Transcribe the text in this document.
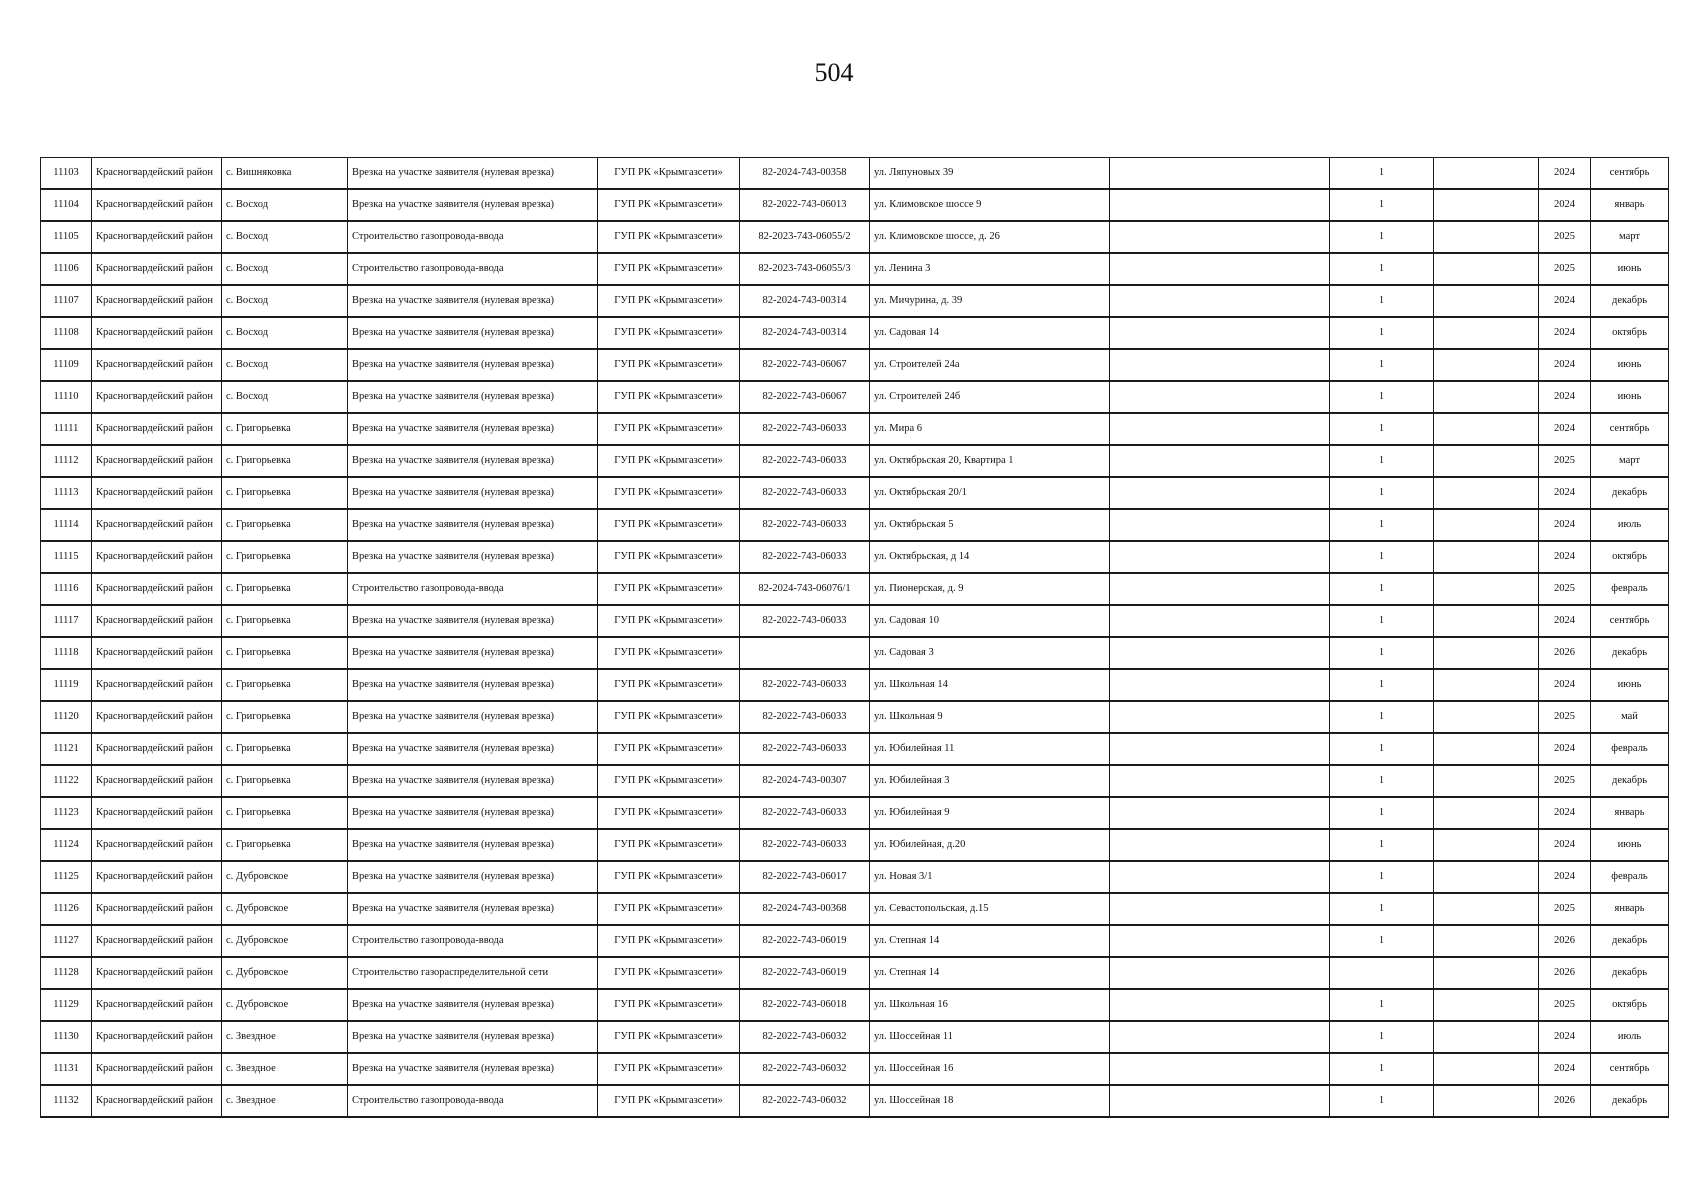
504
11103	Красногвардейский район	с. Вишняковка	Врезка на участке заявителя (нулевая врезка)	ГУП РК «Крымгазсети»	82-2024-743-00358	ул. Ляпуновых 39		1		2024	сентябрь
11104	Красногвардейский район	с. Восход	Врезка на участке заявителя (нулевая врезка)	ГУП РК «Крымгазсети»	82-2022-743-06013	ул. Климовское шоссе 9		1		2024	январь
11105	Красногвардейский район	с. Восход	Строительство газопровода-ввода	ГУП РК «Крымгазсети»	82-2023-743-06055/2	ул. Климовское шоссе, д. 26		1		2025	март
11106	Красногвардейский район	с. Восход	Строительство газопровода-ввода	ГУП РК «Крымгазсети»	82-2023-743-06055/3	ул. Ленина 3		1		2025	июнь
11107	Красногвардейский район	с. Восход	Врезка на участке заявителя (нулевая врезка)	ГУП РК «Крымгазсети»	82-2024-743-00314	ул. Мичурина, д. 39		1		2024	декабрь
11108	Красногвардейский район	с. Восход	Врезка на участке заявителя (нулевая врезка)	ГУП РК «Крымгазсети»	82-2024-743-00314	ул. Садовая 14		1		2024	октябрь
11109	Красногвардейский район	с. Восход	Врезка на участке заявителя (нулевая врезка)	ГУП РК «Крымгазсети»	82-2022-743-06067	ул. Строителей 24а		1		2024	июнь
11110	Красногвардейский район	с. Восход	Врезка на участке заявителя (нулевая врезка)	ГУП РК «Крымгазсети»	82-2022-743-06067	ул. Строителей 24б		1		2024	июнь
11111	Красногвардейский район	с. Григорьевка	Врезка на участке заявителя (нулевая врезка)	ГУП РК «Крымгазсети»	82-2022-743-06033	ул. Мира 6		1		2024	сентябрь
11112	Красногвардейский район	с. Григорьевка	Врезка на участке заявителя (нулевая врезка)	ГУП РК «Крымгазсети»	82-2022-743-06033	ул. Октябрьская 20, Квартира 1		1		2025	март
11113	Красногвардейский район	с. Григорьевка	Врезка на участке заявителя (нулевая врезка)	ГУП РК «Крымгазсети»	82-2022-743-06033	ул. Октябрьская 20/1		1		2024	декабрь
11114	Красногвардейский район	с. Григорьевка	Врезка на участке заявителя (нулевая врезка)	ГУП РК «Крымгазсети»	82-2022-743-06033	ул. Октябрьская 5		1		2024	июль
11115	Красногвардейский район	с. Григорьевка	Врезка на участке заявителя (нулевая врезка)	ГУП РК «Крымгазсети»	82-2022-743-06033	ул. Октябрьская, д 14		1		2024	октябрь
11116	Красногвардейский район	с. Григорьевка	Строительство газопровода-ввода	ГУП РК «Крымгазсети»	82-2024-743-06076/1	ул. Пионерская, д. 9		1		2025	февраль
11117	Красногвардейский район	с. Григорьевка	Врезка на участке заявителя (нулевая врезка)	ГУП РК «Крымгазсети»	82-2022-743-06033	ул. Садовая 10		1		2024	сентябрь
11118	Красногвардейский район	с. Григорьевка	Врезка на участке заявителя (нулевая врезка)	ГУП РК «Крымгазсети»		ул. Садовая 3		1		2026	декабрь
11119	Красногвардейский район	с. Григорьевка	Врезка на участке заявителя (нулевая врезка)	ГУП РК «Крымгазсети»	82-2022-743-06033	ул. Школьная 14		1		2024	июнь
11120	Красногвардейский район	с. Григорьевка	Врезка на участке заявителя (нулевая врезка)	ГУП РК «Крымгазсети»	82-2022-743-06033	ул. Школьная 9		1		2025	май
11121	Красногвардейский район	с. Григорьевка	Врезка на участке заявителя (нулевая врезка)	ГУП РК «Крымгазсети»	82-2022-743-06033	ул. Юбилейная 11		1		2024	февраль
11122	Красногвардейский район	с. Григорьевка	Врезка на участке заявителя (нулевая врезка)	ГУП РК «Крымгазсети»	82-2024-743-00307	ул. Юбилейная 3		1		2025	декабрь
11123	Красногвардейский район	с. Григорьевка	Врезка на участке заявителя (нулевая врезка)	ГУП РК «Крымгазсети»	82-2022-743-06033	ул. Юбилейная 9		1		2024	январь
11124	Красногвардейский район	с. Григорьевка	Врезка на участке заявителя (нулевая врезка)	ГУП РК «Крымгазсети»	82-2022-743-06033	ул. Юбилейная, д.20		1		2024	июнь
11125	Красногвардейский район	с. Дубровское	Врезка на участке заявителя (нулевая врезка)	ГУП РК «Крымгазсети»	82-2022-743-06017	ул. Новая 3/1		1		2024	февраль
11126	Красногвардейский район	с. Дубровское	Врезка на участке заявителя (нулевая врезка)	ГУП РК «Крымгазсети»	82-2024-743-00368	ул. Севастопольская, д.15		1		2025	январь
11127	Красногвардейский район	с. Дубровское	Строительство газопровода-ввода	ГУП РК «Крымгазсети»	82-2022-743-06019	ул. Степная 14		1		2026	декабрь
11128	Красногвардейский район	с. Дубровское	Строительство газораспределительной сети	ГУП РК «Крымгазсети»	82-2022-743-06019	ул. Степная 14				2026	декабрь
11129	Красногвардейский район	с. Дубровское	Врезка на участке заявителя (нулевая врезка)	ГУП РК «Крымгазсети»	82-2022-743-06018	ул. Школьная 16		1		2025	октябрь
11130	Красногвардейский район	с. Звездное	Врезка на участке заявителя (нулевая врезка)	ГУП РК «Крымгазсети»	82-2022-743-06032	ул. Шоссейная 11		1		2024	июль
11131	Красногвардейский район	с. Звездное	Врезка на участке заявителя (нулевая врезка)	ГУП РК «Крымгазсети»	82-2022-743-06032	ул. Шоссейная 16		1		2024	сентябрь
11132	Красногвардейский район	с. Звездное	Строительство газопровода-ввода	ГУП РК «Крымгазсети»	82-2022-743-06032	ул. Шоссейная 18		1		2026	декабрь
